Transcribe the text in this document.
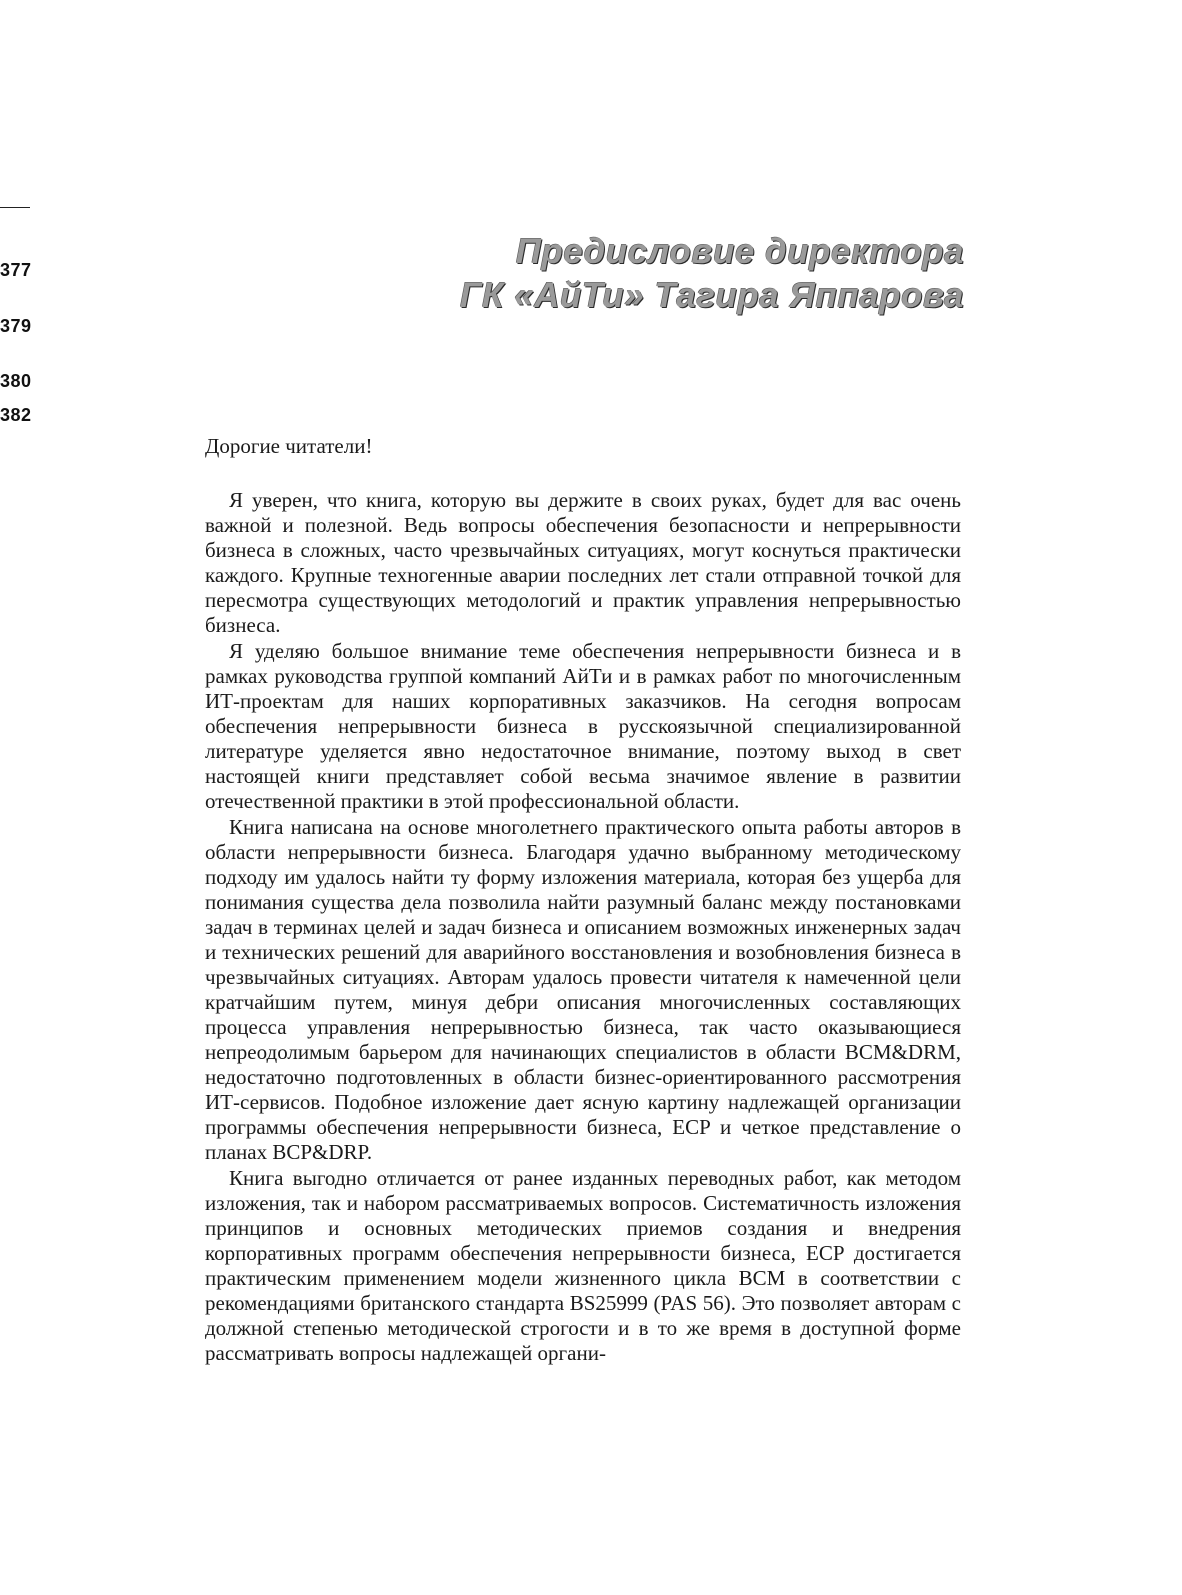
377
379
380
382
Предисловие директора
ГК «АйТи» Тагира Яппарова

Дорогие читатели!

Я уверен, что книга, которую вы держите в своих руках, будет для вас очень важной и полезной. Ведь вопросы обеспечения безопасности и непрерывности бизнеса в сложных, часто чрезвычайных ситуациях, могут коснуться практически каждого. Крупные техногенные аварии последних лет стали отправной точкой для пересмотра существующих методологий и практик управления непрерывностью бизнеса.

Я уделяю большое внимание теме обеспечения непрерывности бизнеса и в рамках руководства группой компаний АйТи и в рамках работ по многочисленным ИТ-проектам для наших корпоративных заказчиков. На сегодня вопросам обеспечения непрерывности бизнеса в русскоязычной специализированной литературе уделяется явно недостаточное внимание, поэтому выход в свет настоящей книги представляет собой весьма значимое явление в развитии отечественной практики в этой профессиональной области.

Книга написана на основе многолетнего практического опыта работы авторов в области непрерывности бизнеса. Благодаря удачно выбранному методическому подходу им удалось найти ту форму изложения материала, которая без ущерба для понимания существа дела позволила найти разумный баланс между постановками задач в терминах целей и задач бизнеса и описанием возможных инженерных задач и технических решений для аварийного восстановления и возобновления бизнеса в чрезвычайных ситуациях. Авторам удалось провести читателя к намеченной цели кратчайшим путем, минуя дебри описания многочисленных составляющих процесса управления непрерывностью бизнеса, так часто оказывающиеся непреодолимым барьером для начинающих специалистов в области BCM&DRM, недостаточно подготовленных в области бизнес-ориентированного рассмотрения ИТ-сервисов. Подобное изложение дает ясную картину надлежащей организации программы обеспечения непрерывности бизнеса, ECP и четкое представление о планах BCP&DRP.

Книга выгодно отличается от ранее изданных переводных работ, как методом изложения, так и набором рассматриваемых вопросов. Систематичность изложения принципов и основных методических приемов создания и внедрения корпоративных программ обеспечения непрерывности бизнеса, ECP достигается практическим применением модели жизненного цикла BCM в соответствии с рекомендациями британского стандарта BS25999 (PAS 56). Это позволяет авторам с должной степенью методической строгости и в то же время в доступной форме рассматривать вопросы надлежащей органи-
